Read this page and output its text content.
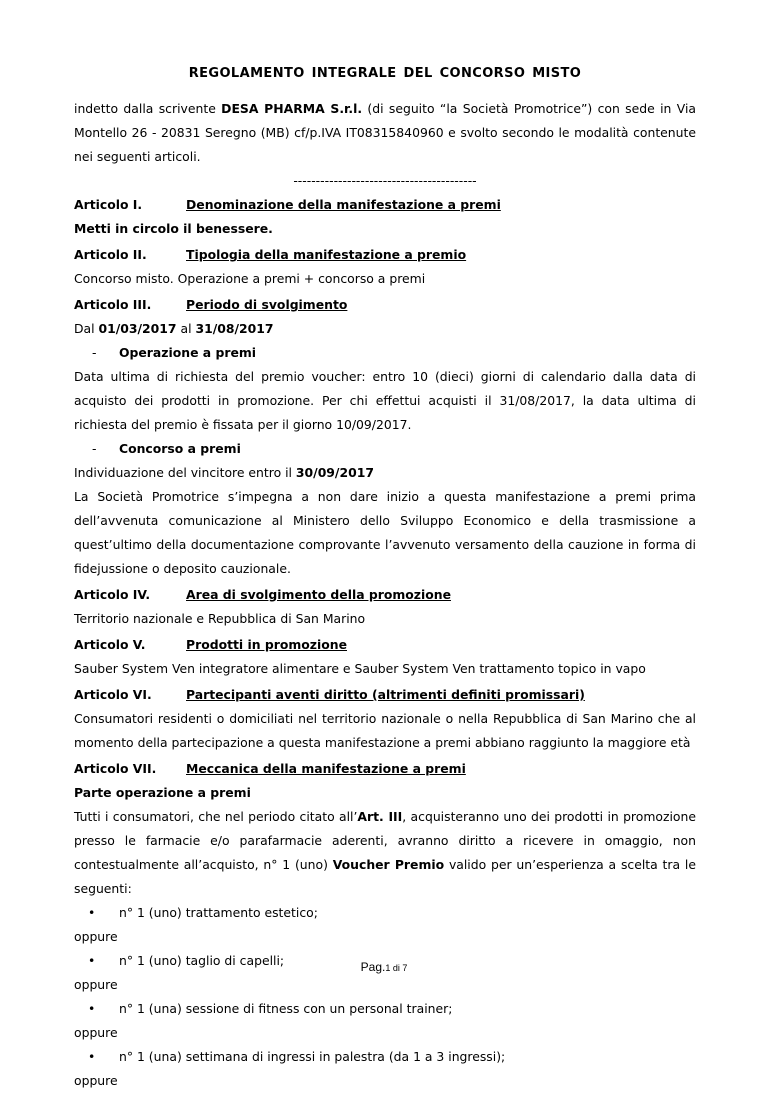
REGOLAMENTO INTEGRALE DEL CONCORSO MISTO

indetto dalla scrivente DESA PHARMA S.r.l. (di seguito “la Società Promotrice”) con sede in Via Montello 26 - 20831 Seregno (MB) cf/p.IVA IT08315840960 e svolto secondo le modalità contenute nei seguenti articoli.

-----------------------------------------
Articolo I.	Denominazione della manifestazione a premi

Metti in circolo il benessere.

Articolo II.	Tipologia della manifestazione a premio

Concorso misto. Operazione a premi + concorso a premi

Articolo III.	Periodo di svolgimento

Dal 01/03/2017 al 31/08/2017

-	Operazione a premi

Data ultima di richiesta del premio voucher: entro 10 (dieci) giorni di calendario dalla data di acquisto dei prodotti in promozione. Per chi effettui acquisti il 31/08/2017, la data ultima di richiesta del premio è fissata per il giorno 10/09/2017.

-	Concorso a premi

Individuazione del vincitore entro il 30/09/2017

La Società Promotrice s’impegna a non dare inizio a questa manifestazione a premi prima dell’avvenuta comunicazione al Ministero dello Sviluppo Economico e della trasmissione a quest’ultimo della documentazione comprovante l’avvenuto versamento della cauzione in forma di fidejussione o deposito cauzionale.

Articolo IV.	Area di svolgimento della promozione

Territorio nazionale e Repubblica di San Marino

Articolo V.	Prodotti in promozione

Sauber System Ven integratore alimentare e Sauber System Ven trattamento topico in vapo

Articolo VI.	Partecipanti aventi diritto (altrimenti definiti promissari)

Consumatori residenti o domiciliati nel territorio nazionale o nella Repubblica di San Marino che al momento della partecipazione a questa manifestazione a premi abbiano raggiunto la maggiore età

Articolo VII.	Meccanica della manifestazione a premi

Parte operazione a premi

Tutti i consumatori, che nel periodo citato all’Art. III, acquisteranno uno dei prodotti in promozione presso le farmacie e/o parafarmacie aderenti, avranno diritto a ricevere in omaggio, non contestualmente all’acquisto, n° 1 (uno) Voucher Premio valido per un’esperienza a scelta tra le seguenti:

•	n° 1 (uno) trattamento estetico;

oppure

•	n° 1 (uno) taglio di capelli;

oppure

•	n° 1 (una) sessione di fitness con un personal trainer;

oppure

•	n° 1 (una) settimana di ingressi in palestra (da 1 a 3 ingressi);

oppure

Pag.1 di 7
